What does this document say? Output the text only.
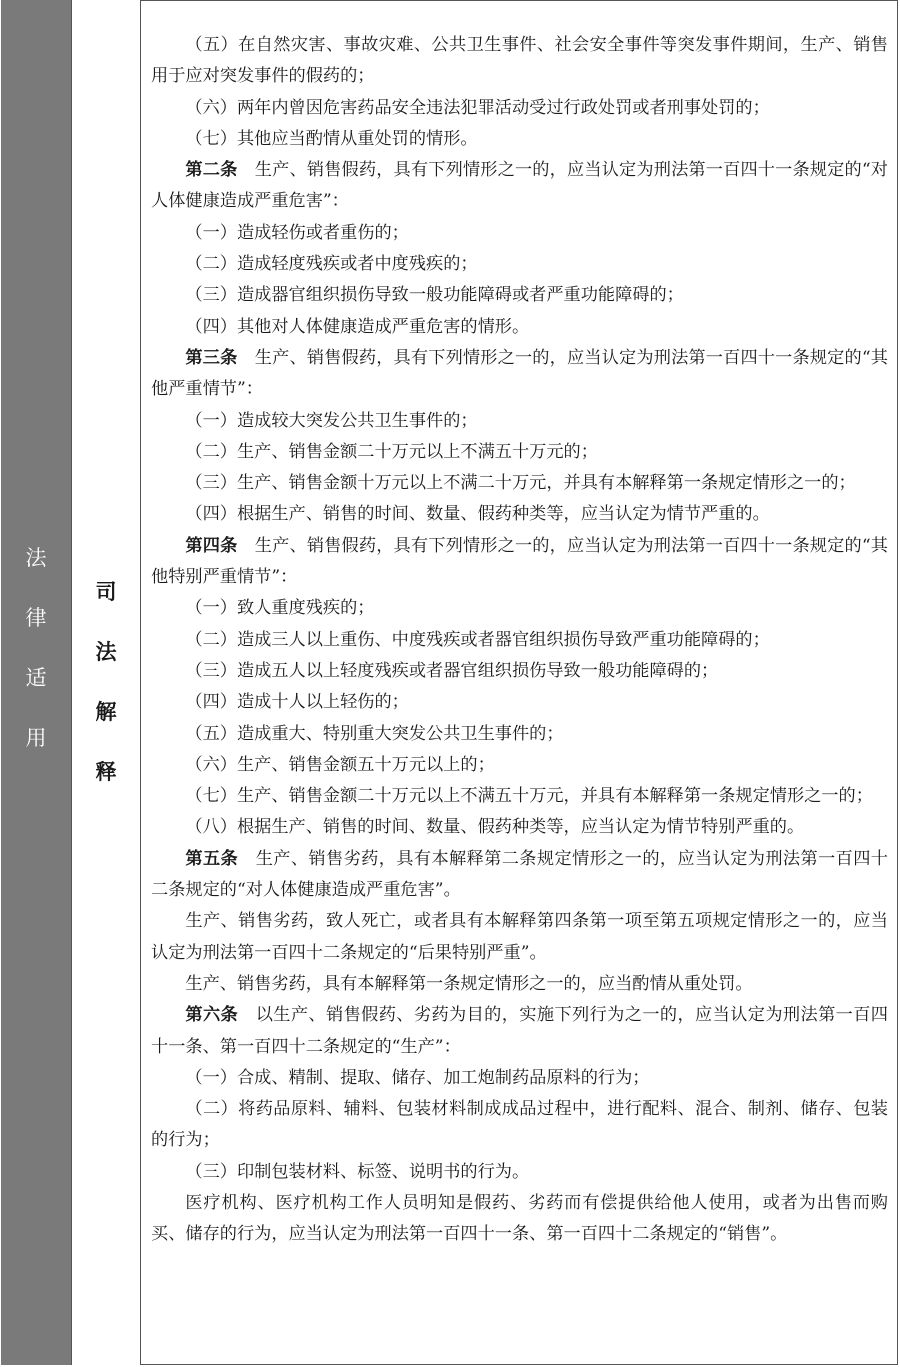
法
律
适
用
司
法
解
释

（五）在自然灾害、事故灾难、公共卫生事件、社会安全事件等突发事件期间，生产、销售用于应对突发事件的假药的；

（六）两年内曾因危害药品安全违法犯罪活动受过行政处罚或者刑事处罚的；

（七）其他应当酌情从重处罚的情形。

第二条　生产、销售假药，具有下列情形之一的，应当认定为刑法第一百四十一条规定的“对人体健康造成严重危害”：

（一）造成轻伤或者重伤的；

（二）造成轻度残疾或者中度残疾的；

（三）造成器官组织损伤导致一般功能障碍或者严重功能障碍的；

（四）其他对人体健康造成严重危害的情形。

第三条　生产、销售假药，具有下列情形之一的，应当认定为刑法第一百四十一条规定的“其他严重情节”：

（一）造成较大突发公共卫生事件的；

（二）生产、销售金额二十万元以上不满五十万元的；

（三）生产、销售金额十万元以上不满二十万元，并具有本解释第一条规定情形之一的；

（四）根据生产、销售的时间、数量、假药种类等，应当认定为情节严重的。

第四条　生产、销售假药，具有下列情形之一的，应当认定为刑法第一百四十一条规定的“其他特别严重情节”：

（一）致人重度残疾的；

（二）造成三人以上重伤、中度残疾或者器官组织损伤导致严重功能障碍的；

（三）造成五人以上轻度残疾或者器官组织损伤导致一般功能障碍的；

（四）造成十人以上轻伤的；

（五）造成重大、特别重大突发公共卫生事件的；

（六）生产、销售金额五十万元以上的；

（七）生产、销售金额二十万元以上不满五十万元，并具有本解释第一条规定情形之一的；

（八）根据生产、销售的时间、数量、假药种类等，应当认定为情节特别严重的。

第五条　生产、销售劣药，具有本解释第二条规定情形之一的，应当认定为刑法第一百四十二条规定的“对人体健康造成严重危害”。

生产、销售劣药，致人死亡，或者具有本解释第四条第一项至第五项规定情形之一的，应当认定为刑法第一百四十二条规定的“后果特别严重”。

生产、销售劣药，具有本解释第一条规定情形之一的，应当酌情从重处罚。

第六条　以生产、销售假药、劣药为目的，实施下列行为之一的，应当认定为刑法第一百四十一条、第一百四十二条规定的“生产”：

（一）合成、精制、提取、储存、加工炮制药品原料的行为；

（二）将药品原料、辅料、包装材料制成成品过程中，进行配料、混合、制剂、储存、包装的行为；

（三）印制包装材料、标签、说明书的行为。

医疗机构、医疗机构工作人员明知是假药、劣药而有偿提供给他人使用，或者为出售而购买、储存的行为，应当认定为刑法第一百四十一条、第一百四十二条规定的“销售”。
